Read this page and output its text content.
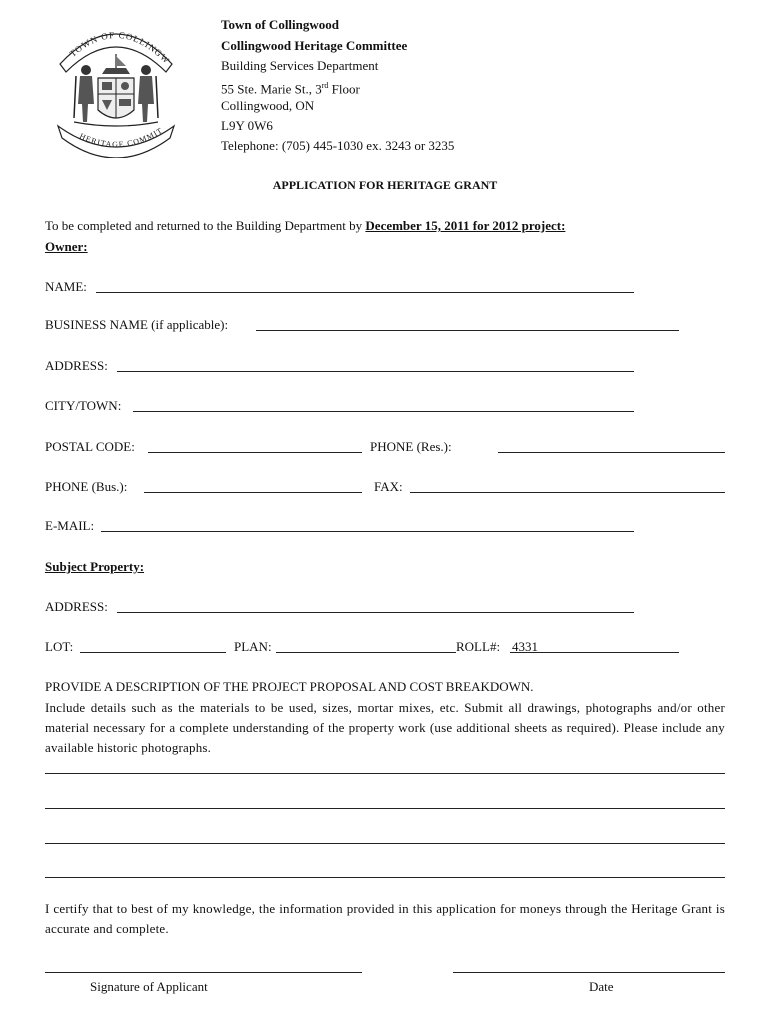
TOWN OF COLLINGW
HERITAGE COMMIT
Town of Collingwood
Collingwood Heritage Committee
Building Services Department
55 Ste. Marie St., 3rd Floor
Collingwood, ON
L9Y 0W6
Telephone: (705) 445-1030 ex. 3243 or 3235
APPLICATION FOR HERITAGE GRANT
To be completed and returned to the Building Department by December 15, 2011 for 2012 project:
Owner:
NAME:
BUSINESS NAME (if applicable):
ADDRESS:
CITY/TOWN:
POSTAL CODE:	PHONE (Res.):
PHONE (Bus.):	FAX:
E-MAIL:
Subject Property:
ADDRESS:
LOT:	PLAN:	ROLL#: 4331
PROVIDE A DESCRIPTION OF THE PROJECT PROPOSAL AND COST BREAKDOWN.
Include details such as the materials to be used, sizes, mortar mixes, etc. Submit all drawings, photographs and/or other material necessary for a complete understanding of the property work (use additional sheets as required). Please include any available historic photographs.
I certify that to best of my knowledge, the information provided in this application for moneys through the Heritage Grant is accurate and complete.
Signature of Applicant	Date
